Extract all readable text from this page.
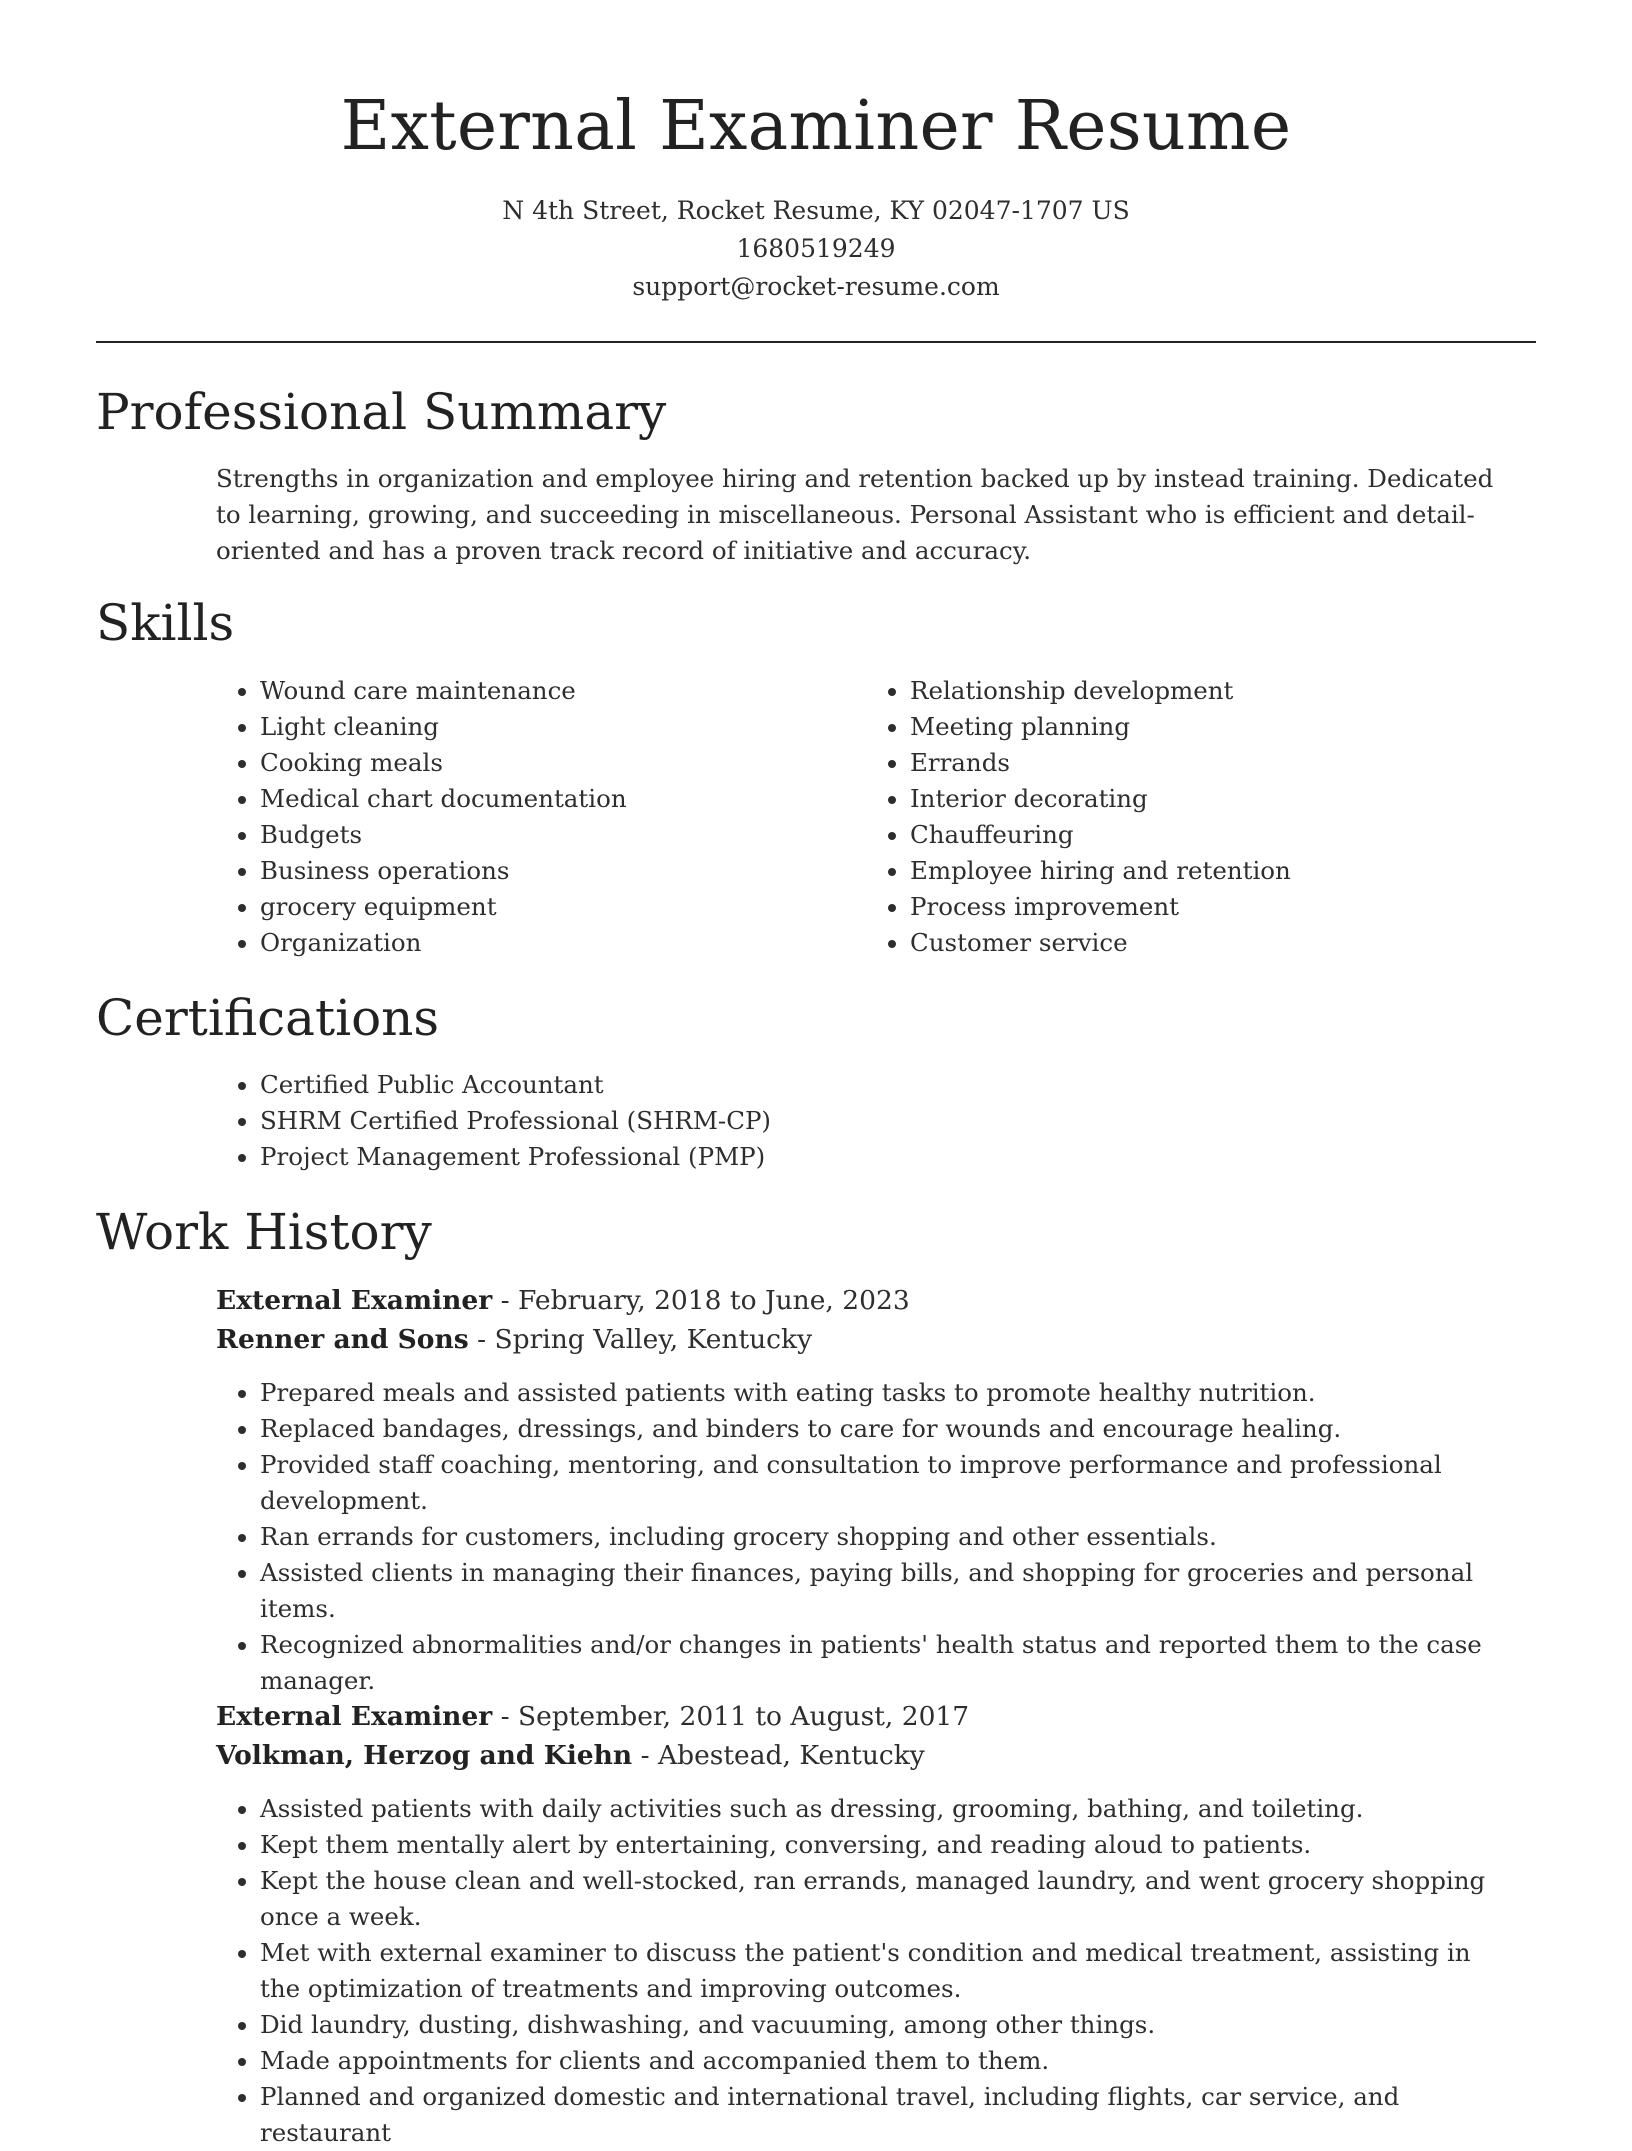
External Examiner Resume
N 4th Street, Rocket Resume, KY 02047-1707 US
1680519249
support@rocket-resume.com
Professional Summary

Strengths in organization and employee hiring and retention backed up by instead training. Dedicated to learning, growing, and succeeding in miscellaneous. Personal Assistant who is efficient and detail-oriented and has a proven track record of initiative and accuracy.

Skills
• Wound care maintenance
• Light cleaning
• Cooking meals
• Medical chart documentation
• Budgets
• Business operations
• grocery equipment
• Organization
• Relationship development
• Meeting planning
• Errands
• Interior decorating
• Chauffeuring
• Employee hiring and retention
• Process improvement
• Customer service
Certifications
• Certified Public Accountant
• SHRM Certified Professional (SHRM-CP)
• Project Management Professional (PMP)
Work History
External Examiner - February, 2018 to June, 2023
Renner and Sons - Spring Valley, Kentucky
• Prepared meals and assisted patients with eating tasks to promote healthy nutrition.
• Replaced bandages, dressings, and binders to care for wounds and encourage healing.
• Provided staff coaching, mentoring, and consultation to improve performance and professional development.
• Ran errands for customers, including grocery shopping and other essentials.
• Assisted clients in managing their finances, paying bills, and shopping for groceries and personal items.
• Recognized abnormalities and/or changes in patients' health status and reported them to the case manager.
External Examiner - September, 2011 to August, 2017
Volkman, Herzog and Kiehn - Abestead, Kentucky
• Assisted patients with daily activities such as dressing, grooming, bathing, and toileting.
• Kept them mentally alert by entertaining, conversing, and reading aloud to patients.
• Kept the house clean and well-stocked, ran errands, managed laundry, and went grocery shopping once a week.
• Met with external examiner to discuss the patient's condition and medical treatment, assisting in the optimization of treatments and improving outcomes.
• Did laundry, dusting, dishwashing, and vacuuming, among other things.
• Made appointments for clients and accompanied them to them.
• Planned and organized domestic and international travel, including flights, car service, and restaurant
